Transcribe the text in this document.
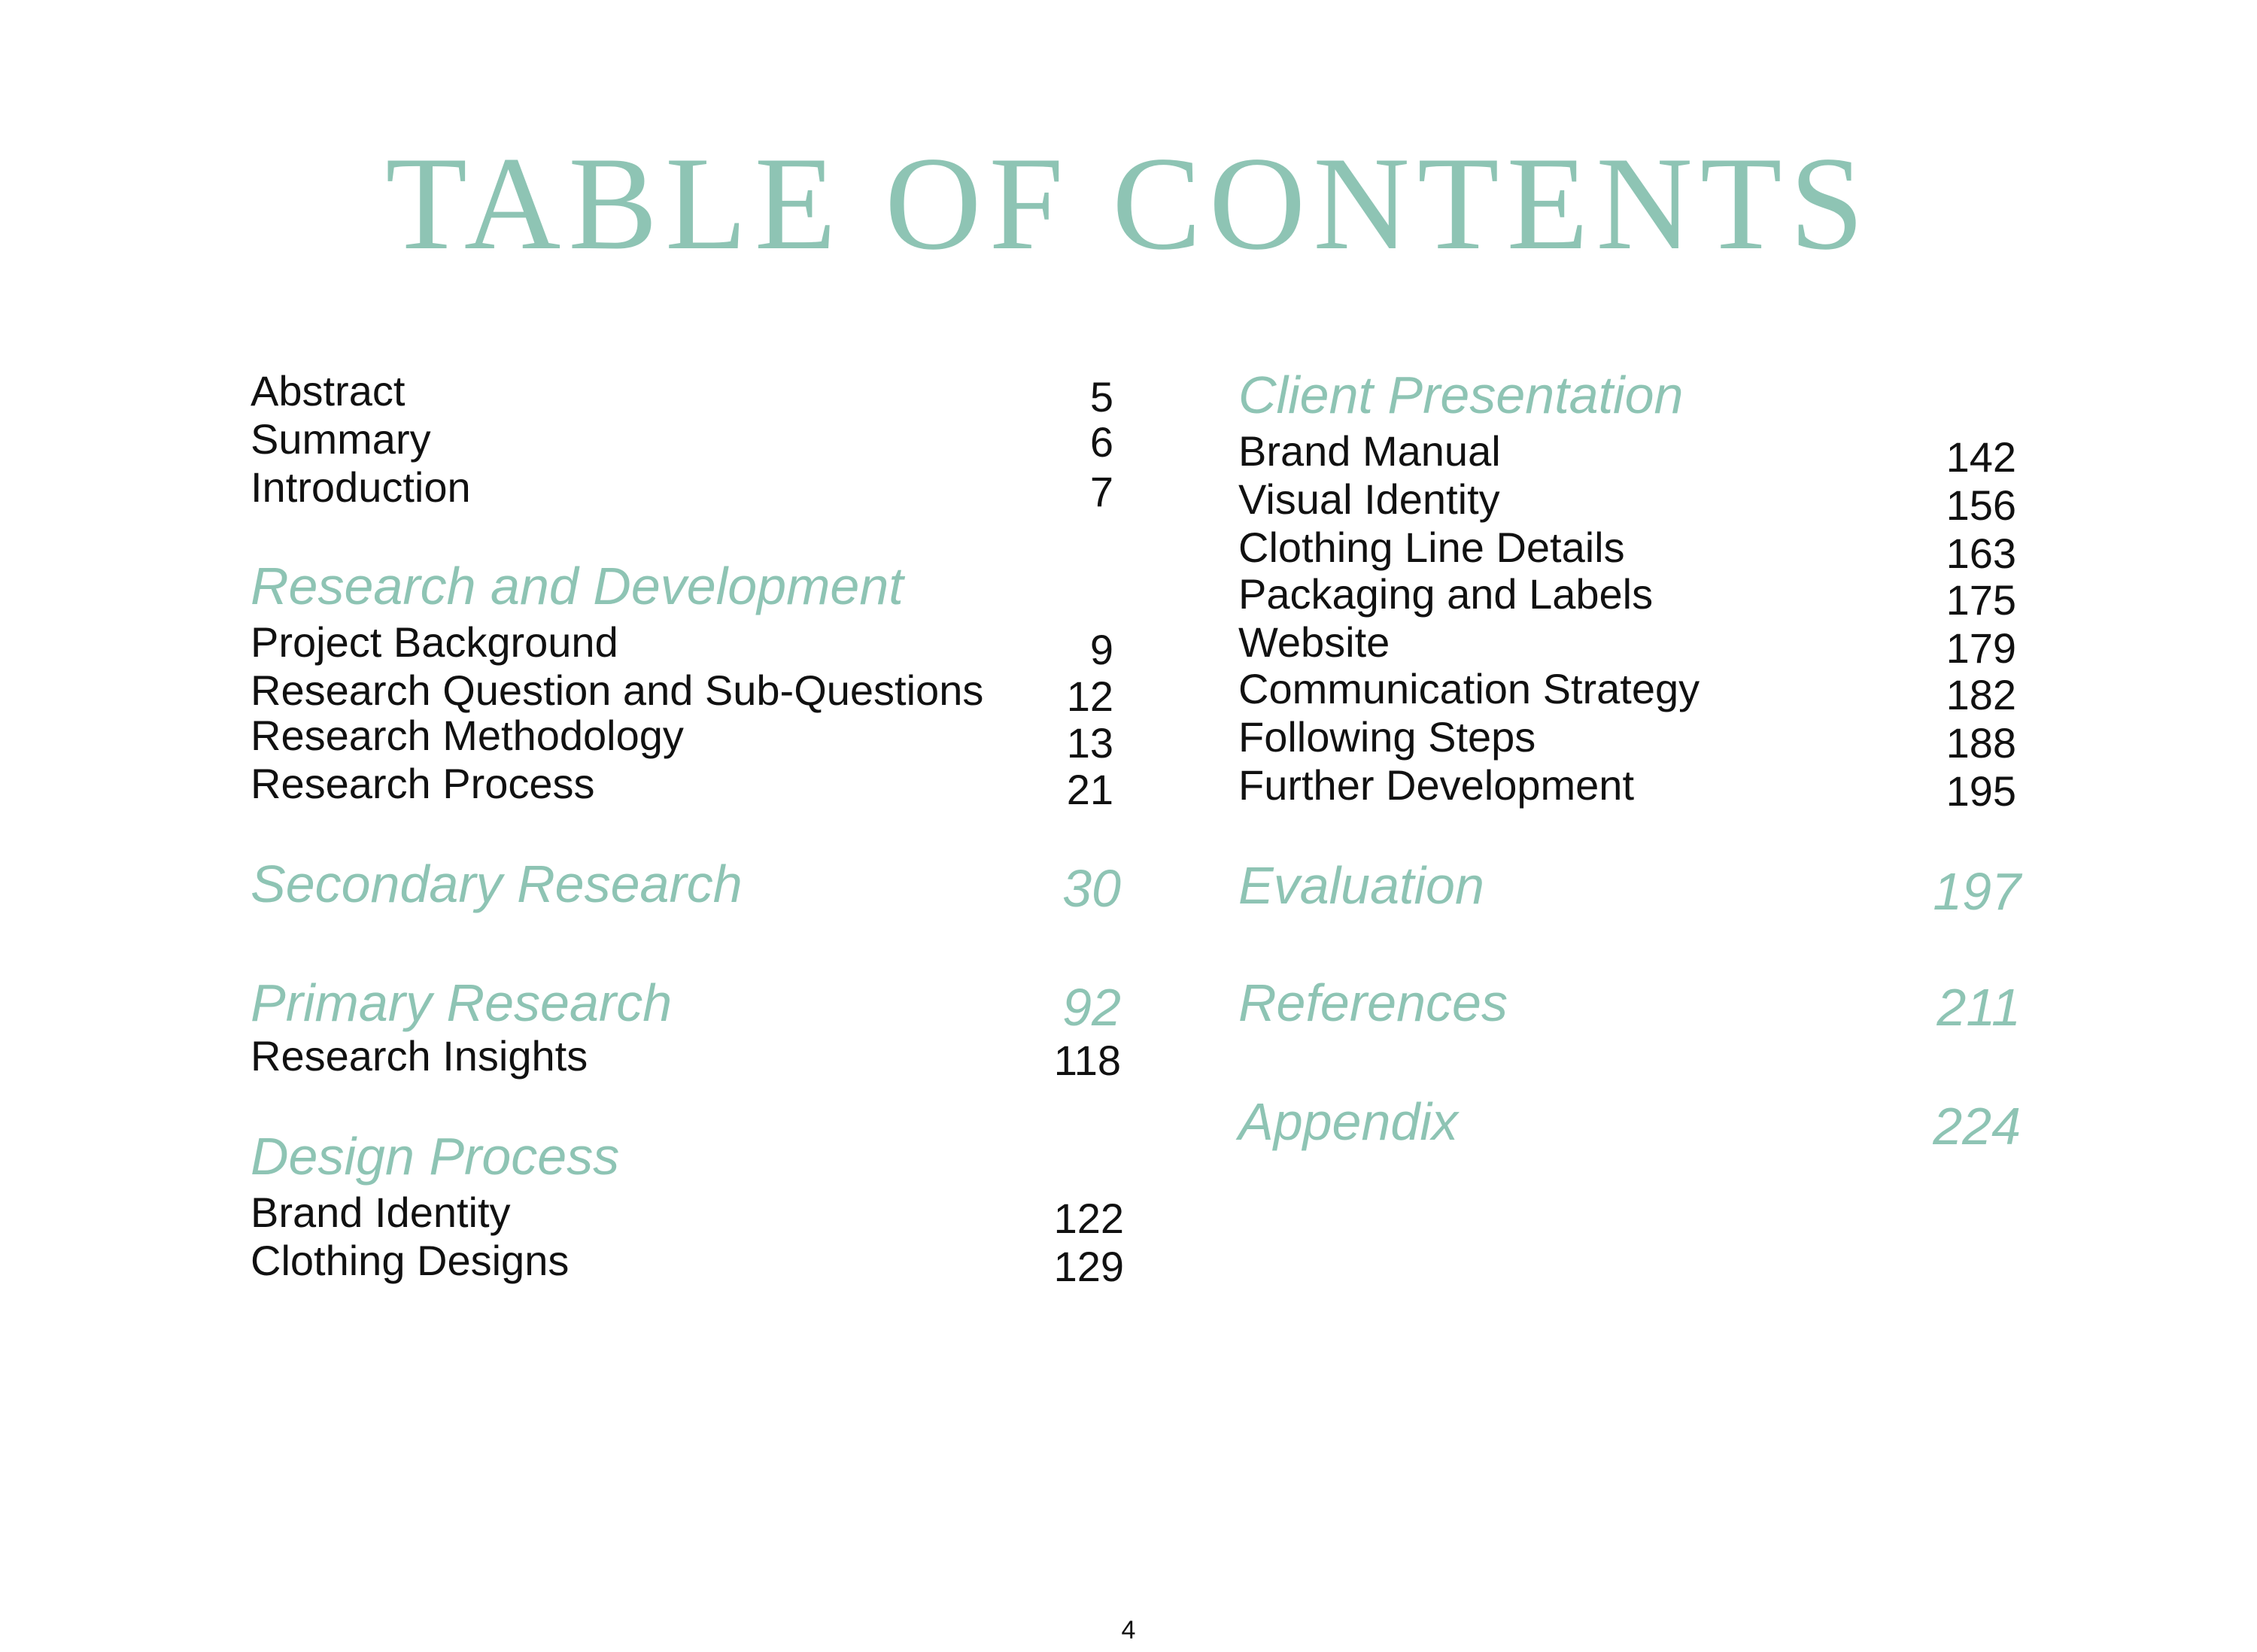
TABLE OF CONTENTS
Abstract	5
Summary	6
Introduction	7
Research and Development
Project Background	9
Research Question and Sub-Questions	12
Research Methodology	13
Research Process	21
Secondary Research	30
Primary Research	92
Research Insights	118
Design Process
Brand Identity	122
Clothing Designs	129
Client Presentation
Brand Manual	142
Visual Identity	156
Clothing Line Details	163
Packaging and Labels	175
Website	179
Communication Strategy	182
Following Steps	188
Further Development	195
Evaluation	197
References	211
Appendix	224
4
